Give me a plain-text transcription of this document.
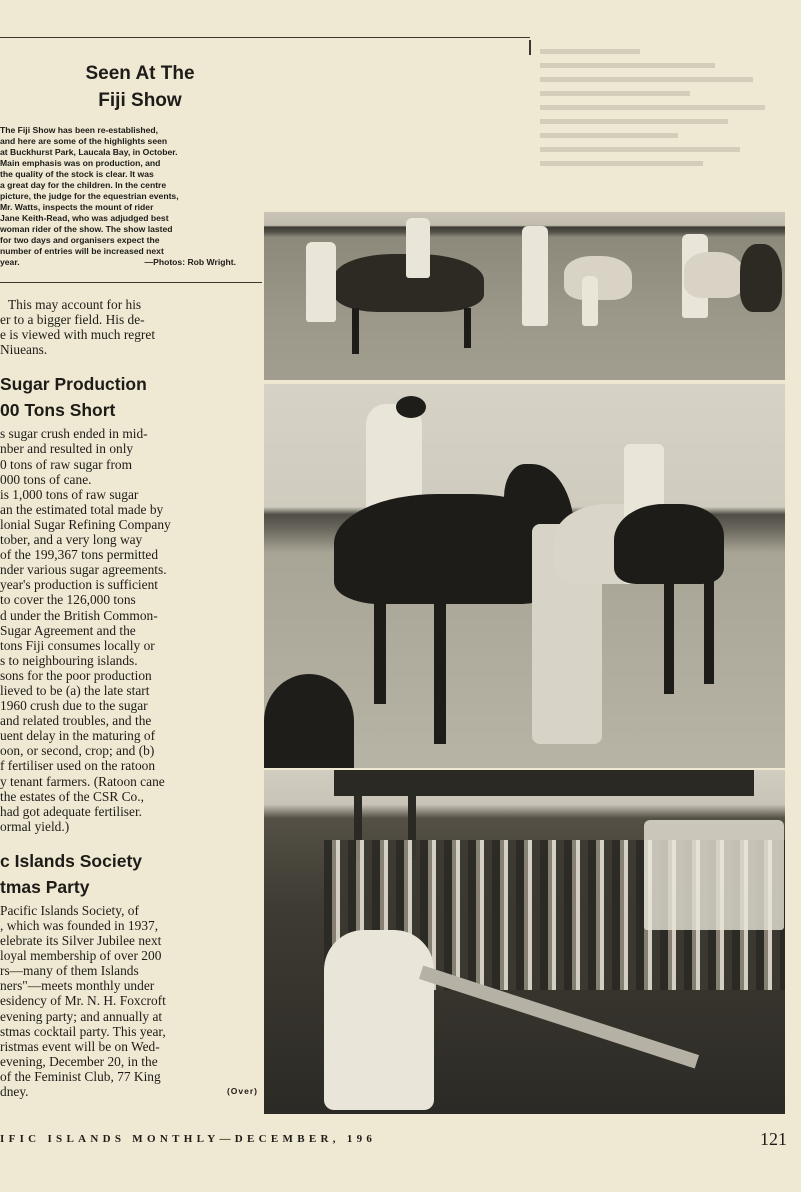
Seen At The
Fiji Show

The Fiji Show has been re-established,

and here are some of the highlights seen

at Buckhurst Park, Laucala Bay, in October.

Main emphasis was on production, and

the quality of the stock is clear. It was

a great day for the children. In the centre

picture, the judge for the equestrian events,

Mr. Watts, inspects the mount of rider

Jane Keith-Read, who was adjudged best

woman rider of the show. The show lasted

for two days and organisers expect the

number of entries will be increased next

year.	—Photos: Rob Wright.

This may account for his

er to a bigger field. His de-

e is viewed with much regret

Niueans.

Sugar Production
00 Tons Short

s sugar crush ended in mid-

nber and resulted in only

0 tons of raw sugar from

000 tons of cane.

is 1,000 tons of raw sugar

an the estimated total made by

lonial Sugar Refining Company

tober, and a very long way

of the 199,367 tons permitted

nder various sugar agreements.

year's production is sufficient

to cover the 126,000 tons

d under the British Common-

Sugar Agreement and the

tons Fiji consumes locally or

s to neighbouring islands.

sons for the poor production

lieved to be (a) the late start

1960 crush due to the sugar

and related troubles, and the

uent delay in the maturing of

oon, or second, crop; and (b)

f fertiliser used on the ratoon

y tenant farmers. (Ratoon cane

the estates of the CSR Co.,

had got adequate fertiliser.

ormal yield.)

c Islands Society
tmas Party

Pacific Islands Society, of

, which was founded in 1937,

elebrate its Silver Jubilee next

loyal membership of over 200

rs—many of them Islands

ners"—meets monthly under

esidency of Mr. N. H. Foxcroft

evening party; and annually at

stmas cocktail party. This year,

ristmas event will be on Wed-

evening, December 20, in the

of the Feminist Club, 77 King

dney.	(Over)

IFIC ISLANDS MONTHLY—DECEMBER, 196	121
